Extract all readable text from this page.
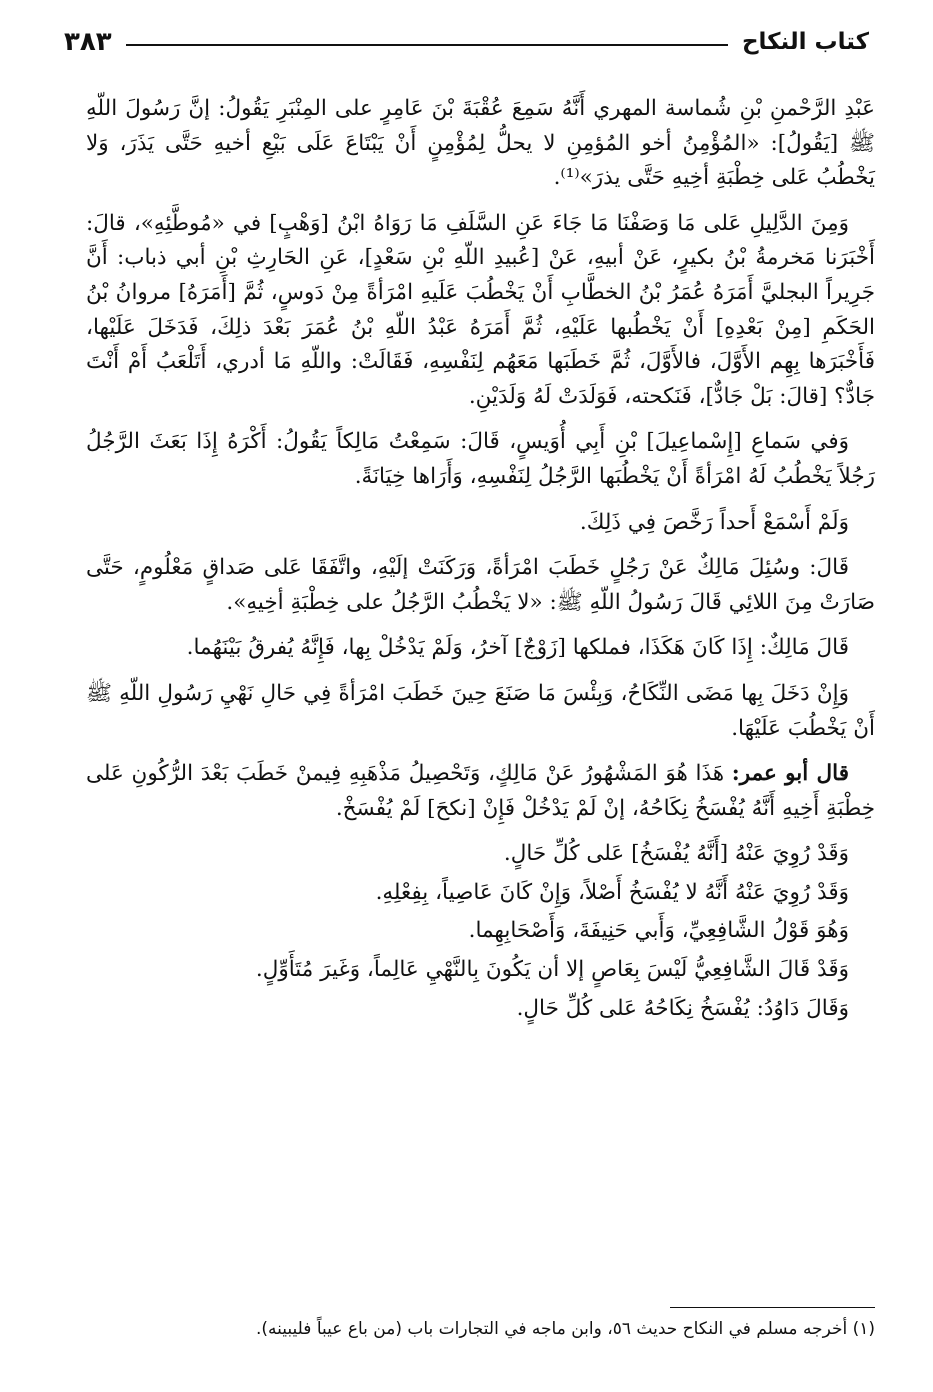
كتاب النكاح
٣٨٣

عَبْدِ الرَّحْمنِ بْنِ شُماسة المهري أَنَّهُ سَمِعَ عُقْبَةَ بْنَ عَامِرٍ على المِنْبَرِ يَقُولُ: إنَّ رَسُولَ اللّهِ ﷺ [يَقُولُ]: «المُؤْمِنُ أخو المُؤمِنِ لا يحلُّ لِمُؤْمِنٍ أَنْ يَبْتَاعَ عَلَى بَيْعِ أخيهِ حَتَّى يَذَرَ، وَلا يَخْطُبُ عَلى خِطْبَةِ أخِيهِ حَتَّى يذرَ»⁽¹⁾.

وَمِنَ الدَّلِيلِ عَلى مَا وَصَفْنَا مَا جَاءَ عَنِ السَّلَفِ مَا رَوَاهُ ابْنُ [وَهْبٍ] في «مُوطَّئِهِ»، قالَ: أَخْبَرَنا مَخرمةُ بْنُ بكيرٍ، عَنْ أبيهِ، عَنْ [عُبيدِ اللّهِ بْنِ سَعْدٍ]، عَنِ الحَارِثِ بْنِ أبي ذباب: أَنَّ جَرِيراً البجليَّ أَمَرَهُ عُمَرُ بْنُ الخطَّابِ أَنْ يَخْطُبَ عَلَيهِ امْرَأةً مِنْ دَوسٍ، ثُمَّ [أَمَرَهُ] مروانُ بْنُ الحَكَمِ [مِنْ بَعْدِهِ] أَنْ يَخْطُبها عَلَيْهِ، ثُمَّ أَمَرَهُ عَبْدُ اللّهِ بْنُ عُمَرَ بَعْدَ ذلِكَ، فَدَخَلَ عَلَيْها، فَأَخْبَرَها بِهِم الأَوَّلَ، فالأَوَّلَ، ثُمَّ خَطَبَها مَعَهُم لِنَفْسِهِ، فَقَالَتْ: واللّهِ مَا أدري، أَتَلْعَبُ أَمْ أَنْتَ جَادٌّ؟ [قالَ: بَلْ جَادٌّ]، فَنَكحته، فَوَلَدَتْ لَهُ وَلَدَيْنِ.

وَفي سَماعِ [إِسْماعِيلَ] بْنِ أَبِي أُوَيسٍ، قَالَ: سَمِعْتُ مَالِكاً يَقُولُ: أَكْرَهُ إِذَا بَعَثَ الرَّجُلُ رَجُلاً يَخْطُبُ لَهُ امْرَأةً أَنْ يَخْطُبَها الرَّجُلُ لِنَفْسِهِ، وَأَرَاها خِيَانَةً.

وَلَمْ أَسْمَعْ أَحداً رَخَّصَ فِي ذَلِكَ.

قَالَ: وسُئِلَ مَالِكٌ عَنْ رَجُلٍ خَطَبَ امْرَأةً، وَرَكَنَتْ إلَيْهِ، واتَّفَقَا عَلى صَداقٍ مَعْلُومٍ، حَتَّى صَارَتْ مِنَ اللائِي قَالَ رَسُولُ اللّهِ ﷺ: «لا يَخْطُبُ الرَّجُلُ على خِطْبَةِ أخِيهِ».

قَالَ مَالِكٌ: إِذَا كَانَ هَكَذَا، فملكها [زَوْجٌ] آخرُ، وَلَمْ يَدْخُلْ بِها، فَإِنَّهُ يُفرقُ بَيْنَهُما.

وَإِنْ دَخَلَ بِها مَضَى النِّكَاحُ، وَبِئْسَ مَا صَنَعَ حِينَ خَطَبَ امْرَأةً فِي حَالِ نَهْيِ رَسُولِ اللّهِ ﷺ أَنْ يَخْطُبَ عَلَيْهَا.

قال أبو عمر: هَذَا هُوَ المَشْهُورُ عَنْ مَالِكٍ، وَتَحْصِيلُ مَذْهَبِهِ فِيمنْ خَطَبَ بَعْدَ الرُّكُونِ عَلى خِطْبَةِ أَخِيهِ أَنَّهُ يُفْسَخُ نِكَاحُهُ، إنْ لَمْ يَدْخُلْ فَإِنْ [نكحَ] لَمْ يُفْسَخْ.

وَقَدْ رُوِيَ عَنْهُ [أَنَّهُ يُفْسَخُ] عَلى كُلِّ حَالٍ.

وَقَدْ رُوِيَ عَنْهُ أَنَّهُ لا يُفْسَخُ أَصْلاً، وَإِنْ كَانَ عَاصِياً، بِفِعْلِهِ.

وَهُوَ قَوْلُ الشَّافِعِيِّ، وَأَبي حَنِيفَةَ، وَأَصْحَابِهِما.

وَقَدْ قَالَ الشَّافِعِيُّ لَيْسَ بِعَاصٍ إلا أن يَكُونَ بِالنَّهْيِ عَالِماً، وَغَيرَ مُتَأَوِّلٍ.

وَقَالَ دَاوُدُ: يُفْسَخُ نِكَاحُهُ عَلى كُلِّ حَالٍ.

(١) أخرجه مسلم في النكاح حديث ٥٦، وابن ماجه في التجارات باب (من باع عيباً فليبينه).
